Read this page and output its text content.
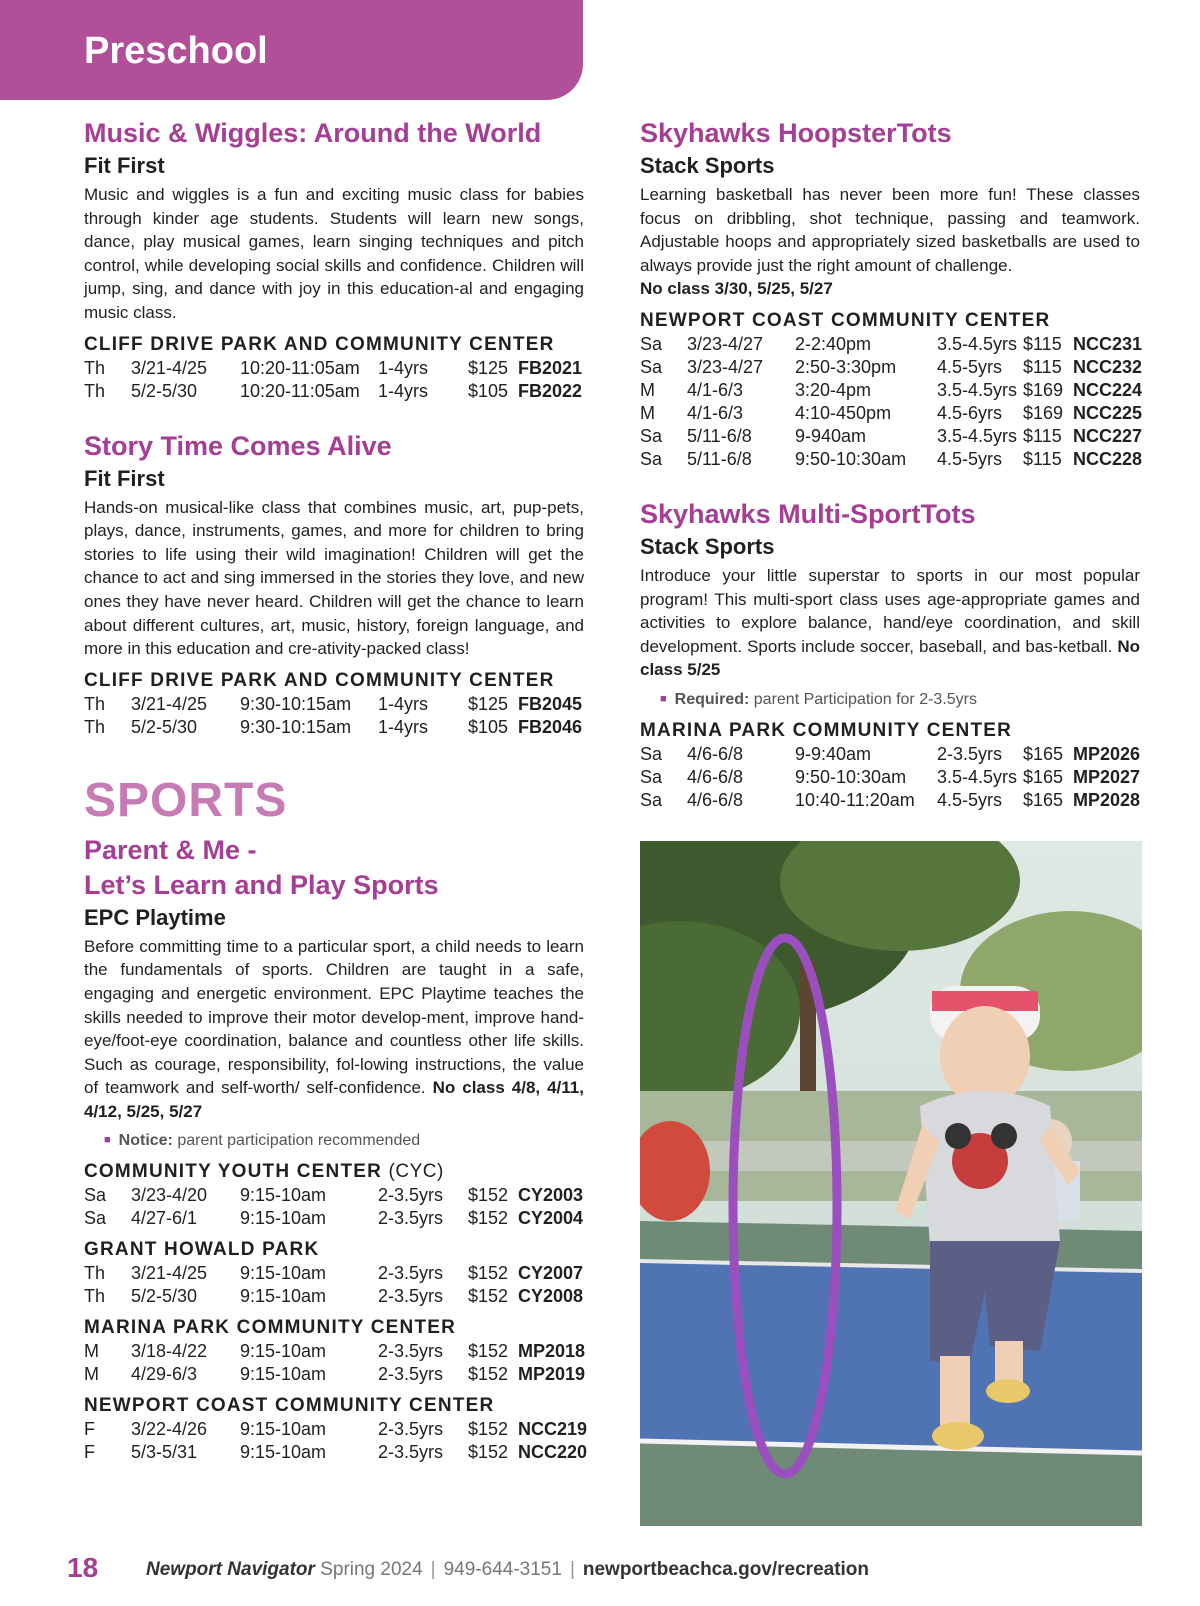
Preschool
Music & Wiggles: Around the World
Fit First

Music and wiggles is a fun and exciting music class for babies through kinder age students. Students will learn new songs, dance, play musical games, learn singing techniques and pitch control, while developing social skills and confidence. Children will jump, sing, and dance with joy in this education-al and engaging music class.

CLIFF DRIVE PARK AND COMMUNITY CENTER
Th 3/21-4/25 10:20-11:05am 1-4yrs $125 FB2021
Th 5/2-5/30 10:20-11:05am 1-4yrs $105 FB2022
Story Time Comes Alive
Fit First

Hands-on musical-like class that combines music, art, pup-pets, plays, dance, instruments, games, and more for children to bring stories to life using their wild imagination! Children will get the chance to act and sing immersed in the stories they love, and new ones they have never heard. Children will get the chance to learn about different cultures, art, music, history, foreign language, and more in this education and cre-ativity-packed class!

CLIFF DRIVE PARK AND COMMUNITY CENTER
Th 3/21-4/25 9:30-10:15am 1-4yrs $125 FB2045
Th 5/2-5/30 9:30-10:15am 1-4yrs $105 FB2046
SPORTS
Parent & Me -
Let’s Learn and Play Sports
EPC Playtime

Before committing time to a particular sport, a child needs to learn the fundamentals of sports. Children are taught in a safe, engaging and energetic environment. EPC Playtime teaches the skills needed to improve their motor develop-ment, improve hand-eye/foot-eye coordination, balance and countless other life skills. Such as courage, responsibility, fol-lowing instructions, the value of teamwork and self-worth/ self-confidence. No class 4/8, 4/11, 4/12, 5/25, 5/27

■ Notice: parent participation recommended
COMMUNITY YOUTH CENTER (CYC)
Sa 3/23-4/20 9:15-10am	2-3.5yrs $152 CY2003
Sa 4/27-6/1 9:15-10am	2-3.5yrs $152 CY2004
GRANT HOWALD PARK
Th 3/21-4/25 9:15-10am	2-3.5yrs $152 CY2007
Th 5/2-5/30 9:15-10am	2-3.5yrs $152 CY2008
MARINA PARK COMMUNITY CENTER
M 3/18-4/22 9:15-10am	2-3.5yrs $152 MP2018
M 4/29-6/3 9:15-10am	2-3.5yrs $152 MP2019
NEWPORT COAST COMMUNITY CENTER
F 3/22-4/26 9:15-10am	2-3.5yrs $152 NCC219
F 5/3-5/31 9:15-10am	2-3.5yrs $152 NCC220
Skyhawks HoopsterTots
Stack Sports

Learning basketball has never been more fun! These classes focus on dribbling, shot technique, passing and teamwork. Adjustable hoops and appropriately sized basketballs are used to always provide just the right amount of challenge.
No class 3/30, 5/25, 5/27

NEWPORT COAST COMMUNITY CENTER
Sa 3/23-4/27 2-2:40pm	3.5-4.5yrs $115 NCC231
Sa 3/23-4/27 2:50-3:30pm 4.5-5yrs $115 NCC232
M 4/1-6/3	3:20-4pm	3.5-4.5yrs $169 NCC224
M 4/1-6/3	4:10-450pm	4.5-6yrs $169 NCC225
Sa 5/11-6/8 9-940am	3.5-4.5yrs $115 NCC227
Sa 5/11-6/8 9:50-10:30am 4.5-5yrs $115 NCC228
Skyhawks Multi-SportTots
Stack Sports

Introduce your little superstar to sports in our most popular program! This multi-sport class uses age-appropriate games and activities to explore balance, hand/eye coordination, and skill development. Sports include soccer, baseball, and bas-ketball. No class 5/25

■ Required: parent Participation for 2-3.5yrs
MARINA PARK COMMUNITY CENTER
Sa 4/6-6/8	9-9:40am	2-3.5yrs $165 MP2026
Sa 4/6-6/8	9:50-10:30am 3.5-4.5yrs $165 MP2027
Sa 4/6-6/8	10:40-11:20am 4.5-5yrs $165 MP2028
18	Newport Navigator Spring 2024 | 949-644-3151 | newportbeachca.gov/recreation
